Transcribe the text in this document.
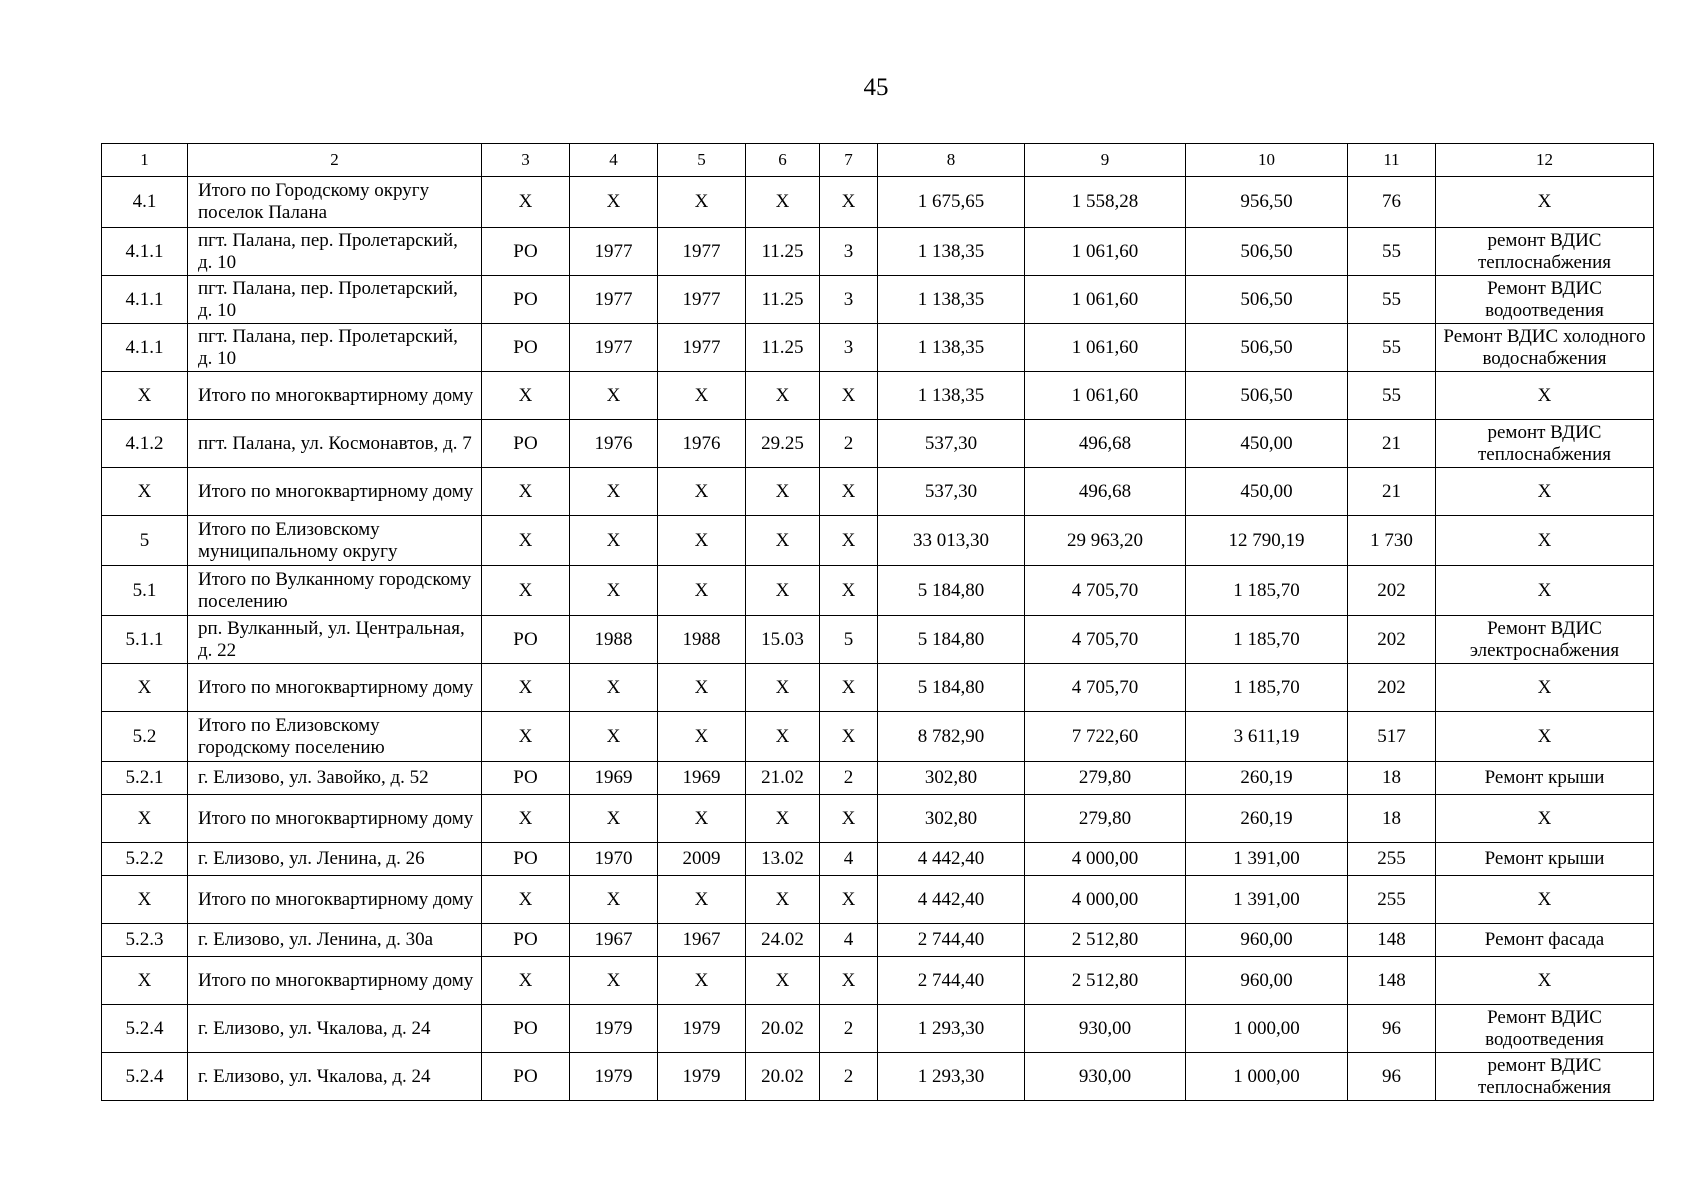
45
1	2	3	4	5	6	7	8	9	10	11	12
4.1	Итого по Городскому округу поселок Палана	X	X	X	X	X	1 675,65	1 558,28	956,50	76	X
4.1.1	пгт. Палана, пер. Пролетарский, д. 10	РО	1977	1977	11.25	3	1 138,35	1 061,60	506,50	55	ремонт ВДИС теплоснабжения
4.1.1	пгт. Палана, пер. Пролетарский, д. 10	РО	1977	1977	11.25	3	1 138,35	1 061,60	506,50	55	Ремонт ВДИС водоотведения
4.1.1	пгт. Палана, пер. Пролетарский, д. 10	РО	1977	1977	11.25	3	1 138,35	1 061,60	506,50	55	Ремонт ВДИС холодного водоснабжения
X	Итого по многоквартирному дому	X	X	X	X	X	1 138,35	1 061,60	506,50	55	X
4.1.2	пгт. Палана, ул. Космонавтов, д. 7	РО	1976	1976	29.25	2	537,30	496,68	450,00	21	ремонт ВДИС теплоснабжения
X	Итого по многоквартирному дому	X	X	X	X	X	537,30	496,68	450,00	21	X
5	Итого по Елизовскому муниципальному округу	X	X	X	X	X	33 013,30	29 963,20	12 790,19	1 730	X
5.1	Итого по Вулканному городскому поселению	X	X	X	X	X	5 184,80	4 705,70	1 185,70	202	X
5.1.1	рп. Вулканный, ул. Центральная, д. 22	РО	1988	1988	15.03	5	5 184,80	4 705,70	1 185,70	202	Ремонт ВДИС электроснабжения
X	Итого по многоквартирному дому	X	X	X	X	X	5 184,80	4 705,70	1 185,70	202	X
5.2	Итого по Елизовскому городскому поселению	X	X	X	X	X	8 782,90	7 722,60	3 611,19	517	X
5.2.1	г. Елизово, ул. Завойко, д. 52	РО	1969	1969	21.02	2	302,80	279,80	260,19	18	Ремонт крыши
X	Итого по многоквартирному дому	X	X	X	X	X	302,80	279,80	260,19	18	X
5.2.2	г. Елизово, ул. Ленина, д. 26	РО	1970	2009	13.02	4	4 442,40	4 000,00	1 391,00	255	Ремонт крыши
X	Итого по многоквартирному дому	X	X	X	X	X	4 442,40	4 000,00	1 391,00	255	X
5.2.3	г. Елизово, ул. Ленина, д. 30а	РО	1967	1967	24.02	4	2 744,40	2 512,80	960,00	148	Ремонт фасада
X	Итого по многоквартирному дому	X	X	X	X	X	2 744,40	2 512,80	960,00	148	X
5.2.4	г. Елизово, ул. Чкалова, д. 24	РО	1979	1979	20.02	2	1 293,30	930,00	1 000,00	96	Ремонт ВДИС водоотведения
5.2.4	г. Елизово, ул. Чкалова, д. 24	РО	1979	1979	20.02	2	1 293,30	930,00	1 000,00	96	ремонт ВДИС теплоснабжения
